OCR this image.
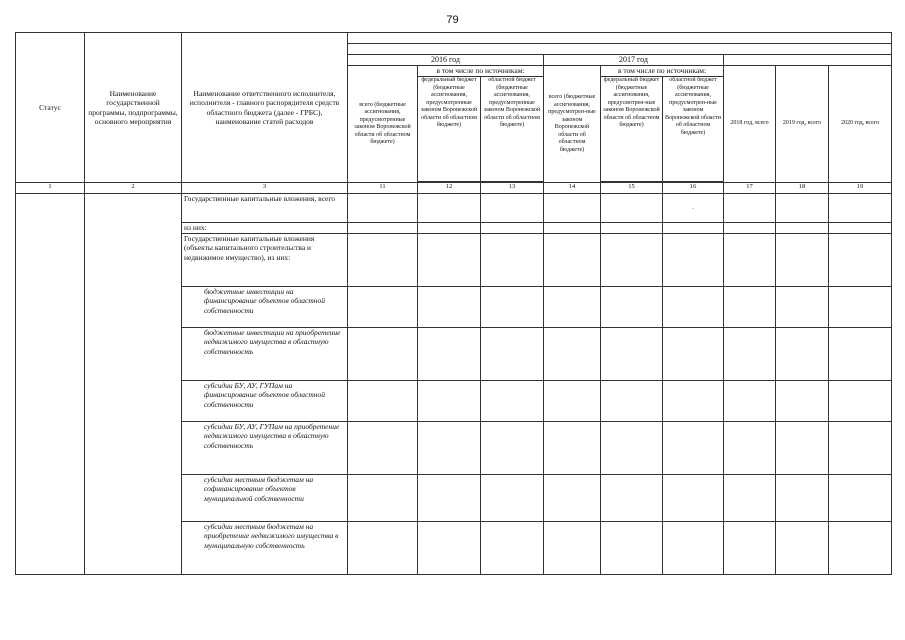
79
Статус	Наименование государственной программы, подпрограммы, основного мероприятия	Наименование ответственного исполнителя, исполнителя - главного распорядителя средств областного бюджета (далее - ГРБС), наименование статей расходов									

			2016 год			2017 год					
			всего (бюджетные ассигнования, предусмотренные законом Воронежской области об областном бюджете)	в том числе по источникам:		всего (бюджетные ассигнования, предусмотрен-ные законом Воронежской области об областном бюджете)	в том числе по источникам:		2018 год, всего	2019 год, всего	2020 год, всего
				федеральный бюджет (бюджетные ассигнования, предусмотренные законом Воронежской области об областном бюджете)	областной бюджет (бюджетные ассигнования, предусмотренные законом Воронежской области об областном бюджете)		федеральный бюджет (бюджетные ассигнования, предусмотрен-ные законом Воронежской области об областном бюджете)	областной бюджет (бюджетные ассигнования, предусмотрен-ные законом Воронежской области об областном бюджете)			

1	2	3	11	12	13	14	15	16	17	18	19
		Государственные капитальные вложения, всего						.			
		из них:									
		Государственные капитальные вложения (объекты капитального строительства и недвижимое имущество), из них:									
		бюджетные инвестиции на финансирование объектов областной собственности									
		бюджетные инвестиции на приобретение недвижимого имущества в областную собственность									
		субсидии БУ, АУ, ГУПам на финансирование объектов областной собственности									
		субсидии БУ, АУ, ГУПам на приобретение недвижимого имущества в областную собственность									
		субсидии местным бюджетам на софинансирование объектов муниципальной собственности									
		субсидии местным бюджетам на приобретение недвижимого имущества в муниципальную собственность									
